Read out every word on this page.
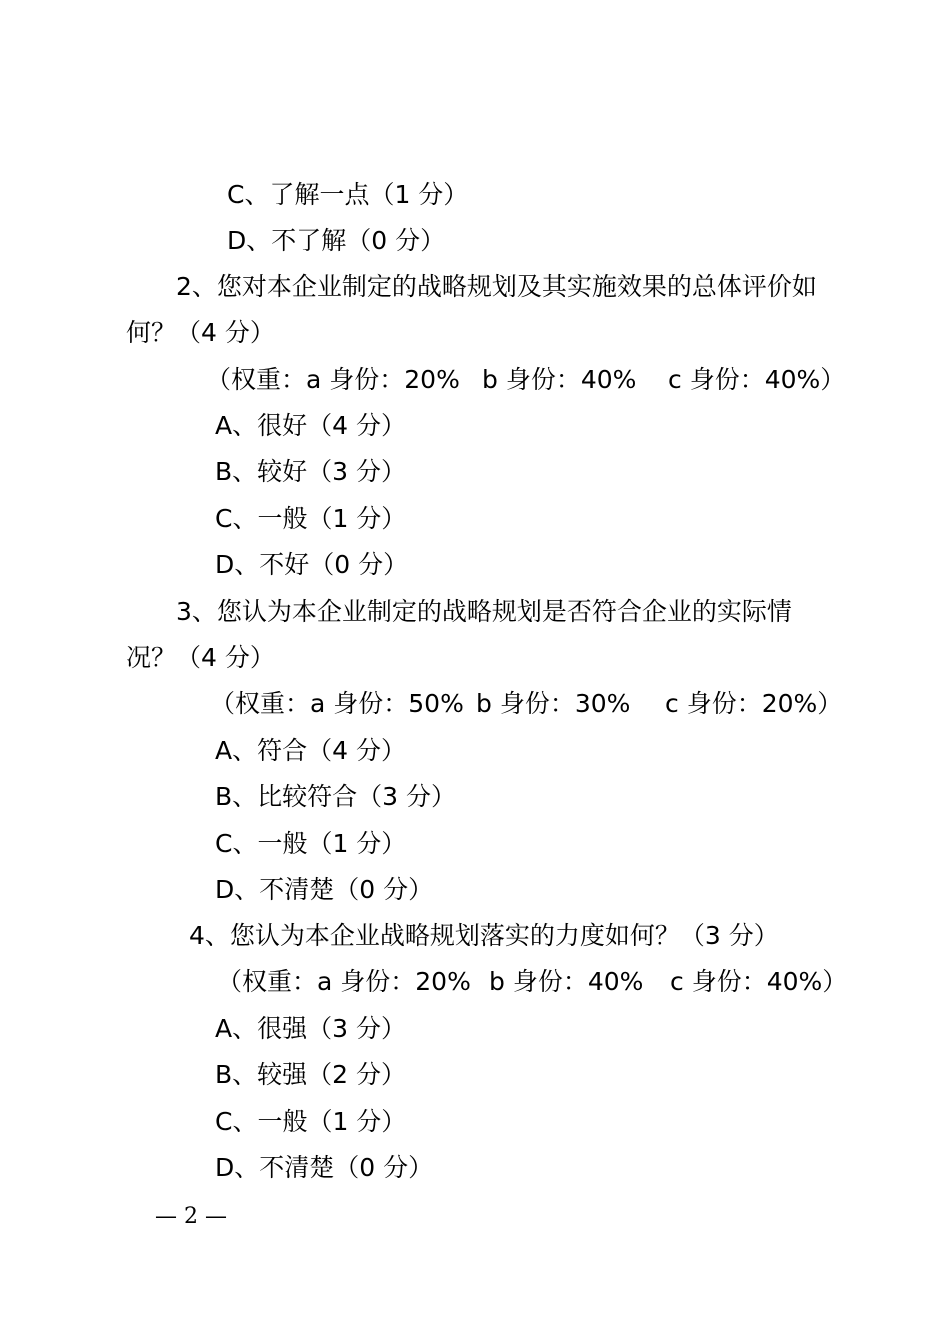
C、了解一点（1 分）
D、不了解（0 分）
2、您对本企业制定的战略规划及其实施效果的总体评价如
何？（4 分）
（权重：a 身份：20% b 身份：40% c 身份：40%）
A、很好（4 分）
B、较好（3 分）
C、一般（1 分）
D、不好（0 分）
3、您认为本企业制定的战略规划是否符合企业的实际情
况？（4 分）
（权重：a 身份：50% b 身份：30% c 身份：20%）
A、符合（4 分）
B、比较符合（3 分）
C、一般（1 分）
D、不清楚（0 分）
4、您认为本企业战略规划落实的力度如何？（3 分）
（权重：a 身份：20% b 身份：40% c 身份：40%）
A、很强（3 分）
B、较强（2 分）
C、一般（1 分）
D、不清楚（0 分）
— 2 —
